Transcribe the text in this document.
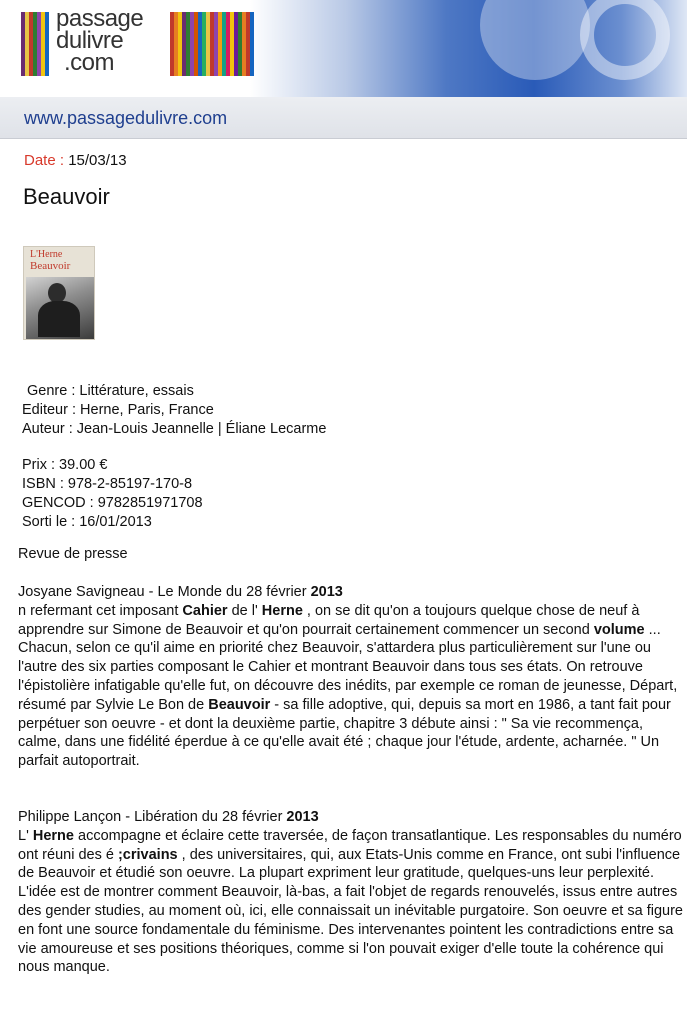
passage
dulivre
.com
www.passagedulivre.com
Date : 15/03/13
Beauvoir
L'Herne
Beauvoir
Genre : Littérature, essais
Editeur : Herne, Paris, France
Auteur : Jean-Louis Jeannelle | Éliane Lecarme
Prix : 39.00 €
ISBN : 978-2-85197-170-8
GENCOD : 9782851971708
Sorti le : 16/01/2013
Revue de presse
Josyane Savigneau - Le Monde du 28 février 2013
n refermant cet imposant Cahier de l' Herne , on se dit qu'on a toujours quelque chose de neuf à apprendre sur Simone de Beauvoir et qu'on pourrait certainement commencer un second volume ...
Chacun, selon ce qu'il aime en priorité chez Beauvoir, s'attardera plus particulièrement sur l'une ou l'autre des six parties composant le Cahier et montrant Beauvoir dans tous ses états. On retrouve l'épistolière infatigable qu'elle fut, on découvre des inédits, par exemple ce roman de jeunesse, Départ, résumé par Sylvie Le Bon de Beauvoir - sa fille adoptive, qui, depuis sa mort en 1986, a tant fait pour perpétuer son oeuvre - et dont la deuxième partie, chapitre 3 débute ainsi : " Sa vie recommença, calme, dans une fidélité éperdue à ce qu'elle avait été ; chaque jour l'étude, ardente, acharnée. " Un parfait autoportrait.
Philippe Lançon - Libération du 28 février 2013
L' Herne accompagne et éclaire cette traversée, de façon transatlantique. Les responsables du numéro ont réuni des é ;crivains , des universitaires, qui, aux Etats-Unis comme en France, ont subi l'influence de Beauvoir et étudié son oeuvre. La plupart expriment leur gratitude, quelques-uns leur perplexité. L'idée est de montrer comment Beauvoir, là-bas, a fait l'objet de regards renouvelés, issus entre autres des gender studies, au moment où, ici, elle connaissait un inévitable purgatoire. Son oeuvre et sa figure en font une source fondamentale du féminisme. Des intervenantes pointent les contradictions entre sa vie amoureuse et ses positions théoriques, comme si l'on pouvait exiger d'elle toute la cohérence qui nous manque.
